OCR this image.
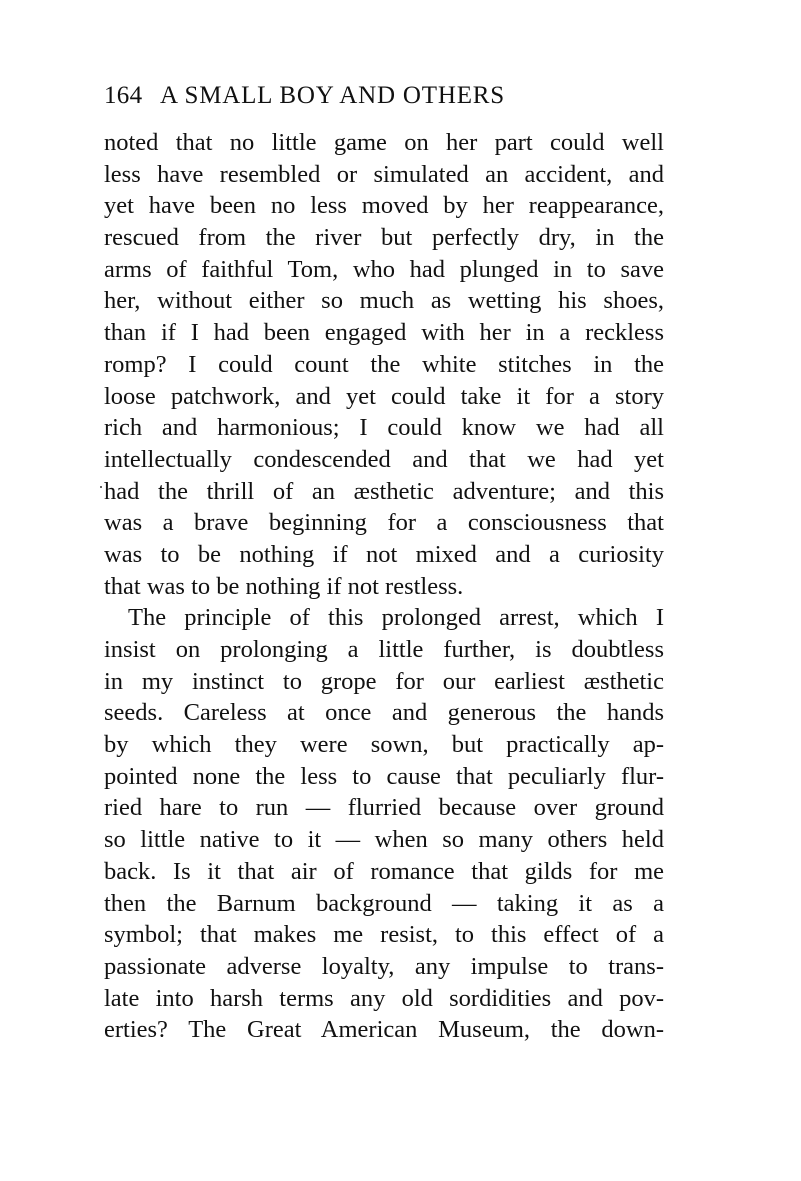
164 A SMALL BOY AND OTHERS
noted that no little game on her part could well
less have resembled or simulated an accident, and
yet have been no less moved by her reappearance,
rescued from the river but perfectly dry, in the
arms of faithful Tom, who had plunged in to save
her, without either so much as wetting his shoes,
than if I had been engaged with her in a reckless
romp? I could count the white stitches in the
loose patchwork, and yet could take it for a story
rich and harmonious; I could know we had all
intellectually condescended and that we had yet
had the thrill of an æsthetic adventure; and this
was a brave beginning for a consciousness that
was to be nothing if not mixed and a curiosity
that was to be nothing if not restless.
The principle of this prolonged arrest, which I
insist on prolonging a little further, is doubtless
in my instinct to grope for our earliest æsthetic
seeds. Careless at once and generous the hands
by which they were sown, but practically ap-
pointed none the less to cause that peculiarly flur-
ried hare to run — flurried because over ground
so little native to it — when so many others held
back. Is it that air of romance that gilds for me
then the Barnum background — taking it as a
symbol; that makes me resist, to this effect of a
passionate adverse loyalty, any impulse to trans-
late into harsh terms any old sordidities and pov-
erties? The Great American Museum, the down-
